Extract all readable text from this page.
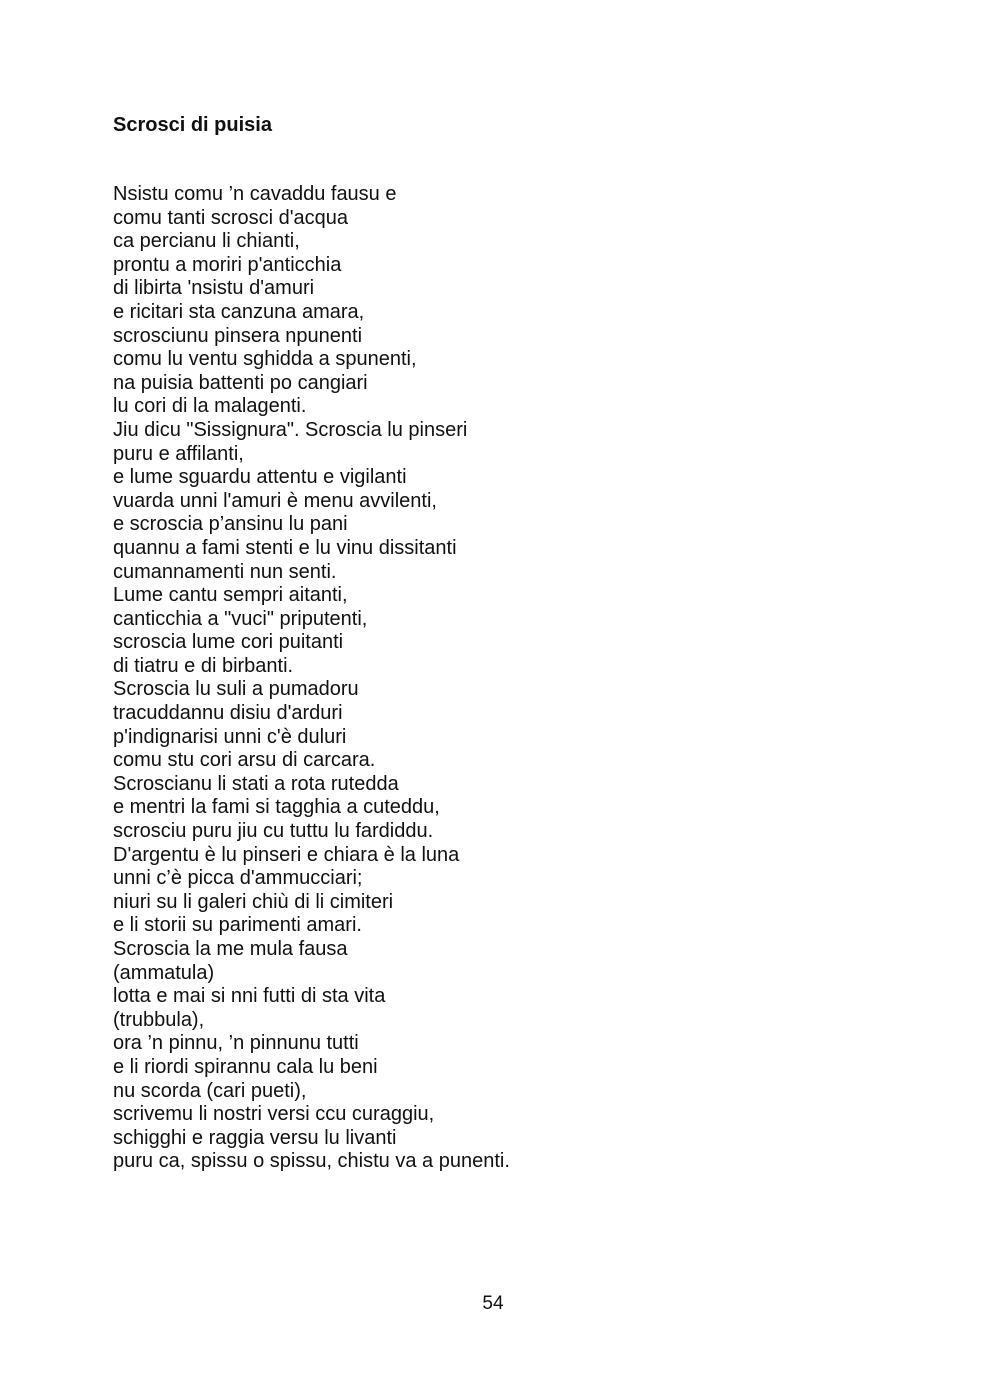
Scrosci di puisia
Nsistu comu ’n cavaddu fausu e
comu tanti scrosci d'acqua
ca percianu li chianti,
prontu a moriri p'anticchia
di libirta 'nsistu d'amuri
e ricitari sta canzuna amara,
scrosciunu pinsera npunenti
comu lu ventu sghidda a spunenti,
na puisia battenti po cangiari
lu cori di la malagenti.
Jiu dicu "Sissignura". Scroscia lu pinseri
puru e affilanti,
e lume sguardu attentu e vigilanti
vuarda unni l'amuri è menu avvilenti,
e scroscia p’ansinu lu pani
quannu a fami stenti e lu vinu dissitanti
cumannamenti nun senti.
Lume cantu sempri aitanti,
canticchia a "vuci" priputenti,
scroscia lume cori puitanti
di tiatru e di birbanti.
Scroscia lu suli a pumadoru
tracuddannu disiu d'arduri
p'indignarisi unni c'è duluri
comu stu cori arsu di carcara.
Scroscianu li stati a rota rutedda
e mentri la fami si tagghia a cuteddu,
scrosciu puru jiu cu tuttu lu fardiddu.
D'argentu è lu pinseri e chiara è la luna
unni c’è picca d'ammucciari;
niuri su li galeri chiù di li cimiteri
e li storii su parimenti amari.
Scroscia la me mula fausa
(ammatula)
lotta e mai si nni futti di sta vita
(trubbula),
ora ’n pinnu, ’n pinnunu tutti
e li riordi spirannu cala lu beni
nu scorda (cari pueti),
scrivemu li nostri versi ccu curaggiu,
schigghi e raggia versu lu livanti
puru ca, spissu o spissu, chistu va a punenti.
54
